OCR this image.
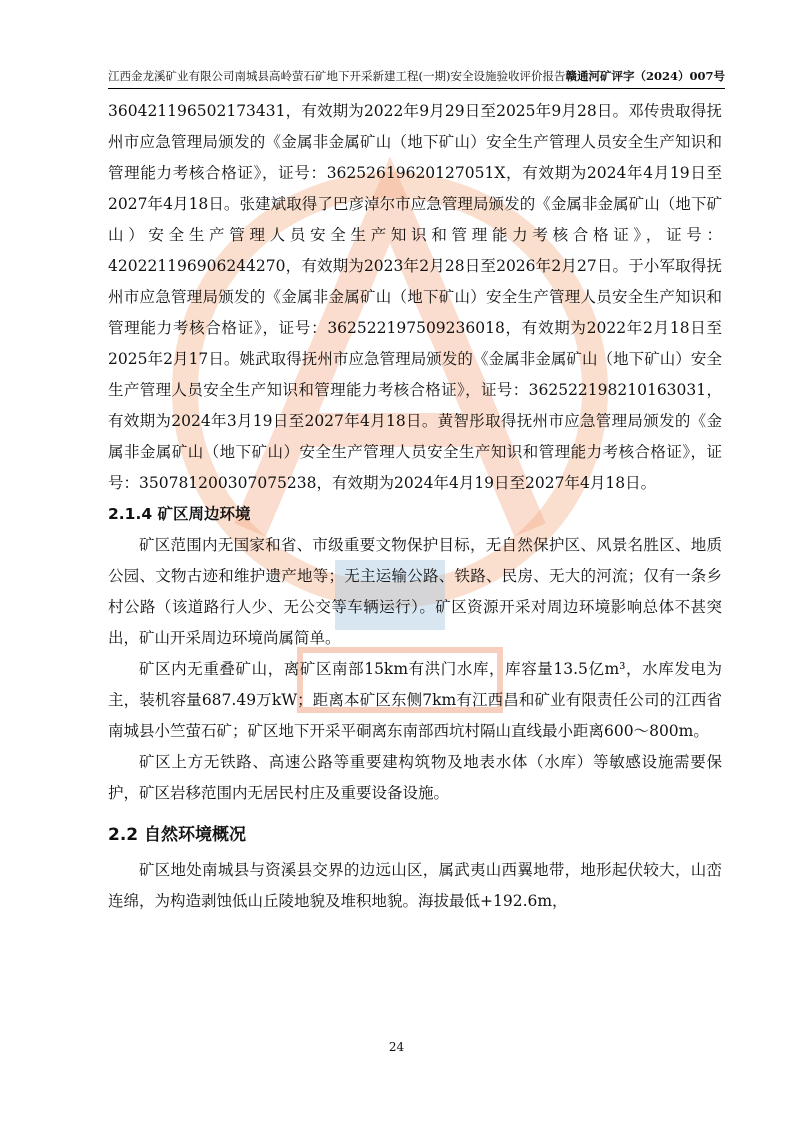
江西金龙溪矿业有限公司南城县高岭萤石矿地下开采新建工程(一期)安全设施验收评价报告 赣通河矿评字（2024）007号

360421196502173431，有效期为2022年9月29日至2025年9月28日。邓传贵取得抚州市应急管理局颁发的《金属非金属矿山（地下矿山）安全生产管理人员安全生产知识和管理能力考核合格证》，证号：36252619620127051X，有效期为2024年4月19日至2027年4月18日。张建斌取得了巴彦淖尔市应急管理局颁发的《金属非金属矿山（地下矿山）安全生产管理人员安全生产知识和管理能力考核合格证》，证号：420221196906244270，有效期为2023年2月28日至2026年2月27日。于小军取得抚州市应急管理局颁发的《金属非金属矿山（地下矿山）安全生产管理人员安全生产知识和管理能力考核合格证》，证号：362522197509236018，有效期为2022年2月18日至2025年2月17日。姚武取得抚州市应急管理局颁发的《金属非金属矿山（地下矿山）安全生产管理人员安全生产知识和管理能力考核合格证》，证号：362522198210163031，有效期为2024年3月19日至2027年4月18日。黄智彤取得抚州市应急管理局颁发的《金属非金属矿山（地下矿山）安全生产管理人员安全生产知识和管理能力考核合格证》，证号：350781200307075238，有效期为2024年4月19日至2027年4月18日。

2.1.4 矿区周边环境

矿区范围内无国家和省、市级重要文物保护目标，无自然保护区、风景名胜区、地质公园、文物古迹和维护遗产地等；无主运输公路、铁路、民房、无大的河流；仅有一条乡村公路（该道路行人少、无公交等车辆运行）。矿区资源开采对周边环境影响总体不甚突出，矿山开采周边环境尚属简单。

矿区内无重叠矿山，离矿区南部15km有洪门水库，库容量13.5亿m³，水库发电为主，装机容量687.49万kW；距离本矿区东侧7km有江西昌和矿业有限责任公司的江西省南城县小竺萤石矿；矿区地下开采平硐离东南部西坑村隔山直线最小距离600～800m。

矿区上方无铁路、高速公路等重要建构筑物及地表水体（水库）等敏感设施需要保护，矿区岩移范围内无居民村庄及重要设备设施。

2.2 自然环境概况

矿区地处南城县与资溪县交界的边远山区，属武夷山西翼地带，地形起伏较大，山峦连绵，为构造剥蚀低山丘陵地貌及堆积地貌。海拔最低+192.6m，

24
